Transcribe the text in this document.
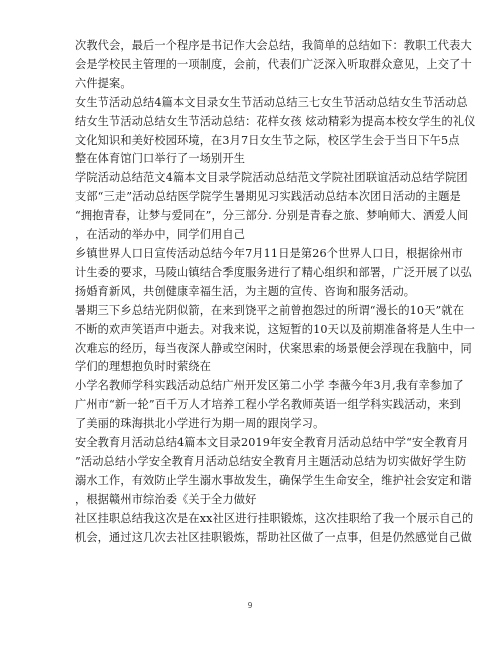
次教代会，最后一个程序是书记作大会总结，我简单的总结如下：教职工代表大
会是学校民主管理的一项制度，会前，代表们广泛深入听取群众意见，上交了十
六件提案。
女生节活动总结4篇本文目录女生节活动总结三七女生节活动总结女生节活动总
结女生节活动总结女生节活动总结：花样女孩 炫动精彩为提高本校女学生的礼仪
文化知识和美好校园环境，在3月7日女生节之际，校区学生会于当日下午5点
整在体育馆门口举行了一场别开生
学院活动总结范文4篇本文目录学院活动总结范文学院社团联谊活动总结学院团
支部“三走”活动总结医学院学生暑期见习实践活动总结本次团日活动的主题是
“拥抱青春，让梦与爱同在”，分三部分. 分别是青春之旅、梦响师大、洒爱人间
，在活动的举办中，同学们用自己
乡镇世界人口日宣传活动总结今年7月11日是第26个世界人口日，根据徐州市
计生委的要求，马陵山镇结合季度服务进行了精心组织和部署，广泛开展了以弘
扬婚育新风，共创健康幸福生活，为主题的宣传、咨询和服务活动。
暑期三下乡总结光阴似箭，在来到饶平之前曾抱怨过的所谓“漫长的10天”就在
不断的欢声笑语声中逝去。对我来说，这短暂的10天以及前期准备将是人生中一
次难忘的经历，每当夜深人静或空闲时，伏案思索的场景便会浮现在我脑中，同
学们的理想抱负时时萦绕在
小学名教师学科实践活动总结广州开发区第二小学 李薇今年3月,我有幸参加了
广州市“新一轮”百千万人才培养工程小学名教师英语一组学科实践活动，来到
了美丽的珠海拱北小学进行为期一周的跟岗学习。
安全教育月活动总结4篇本文目录2019年安全教育月活动总结中学“安全教育月
”活动总结小学安全教育月活动总结安全教育月主题活动总结为切实做好学生防
溺水工作，有效防止学生溺水事故发生，确保学生生命安全，维护社会安定和谐
，根据赣州市综治委《关于全力做好
社区挂职总结我这次是在xx社区进行挂职锻炼，这次挂职给了我一个展示自己的
机会，通过这几次去社区挂职锻炼，帮助社区做了一点事，但是仍然感觉自己做
9
